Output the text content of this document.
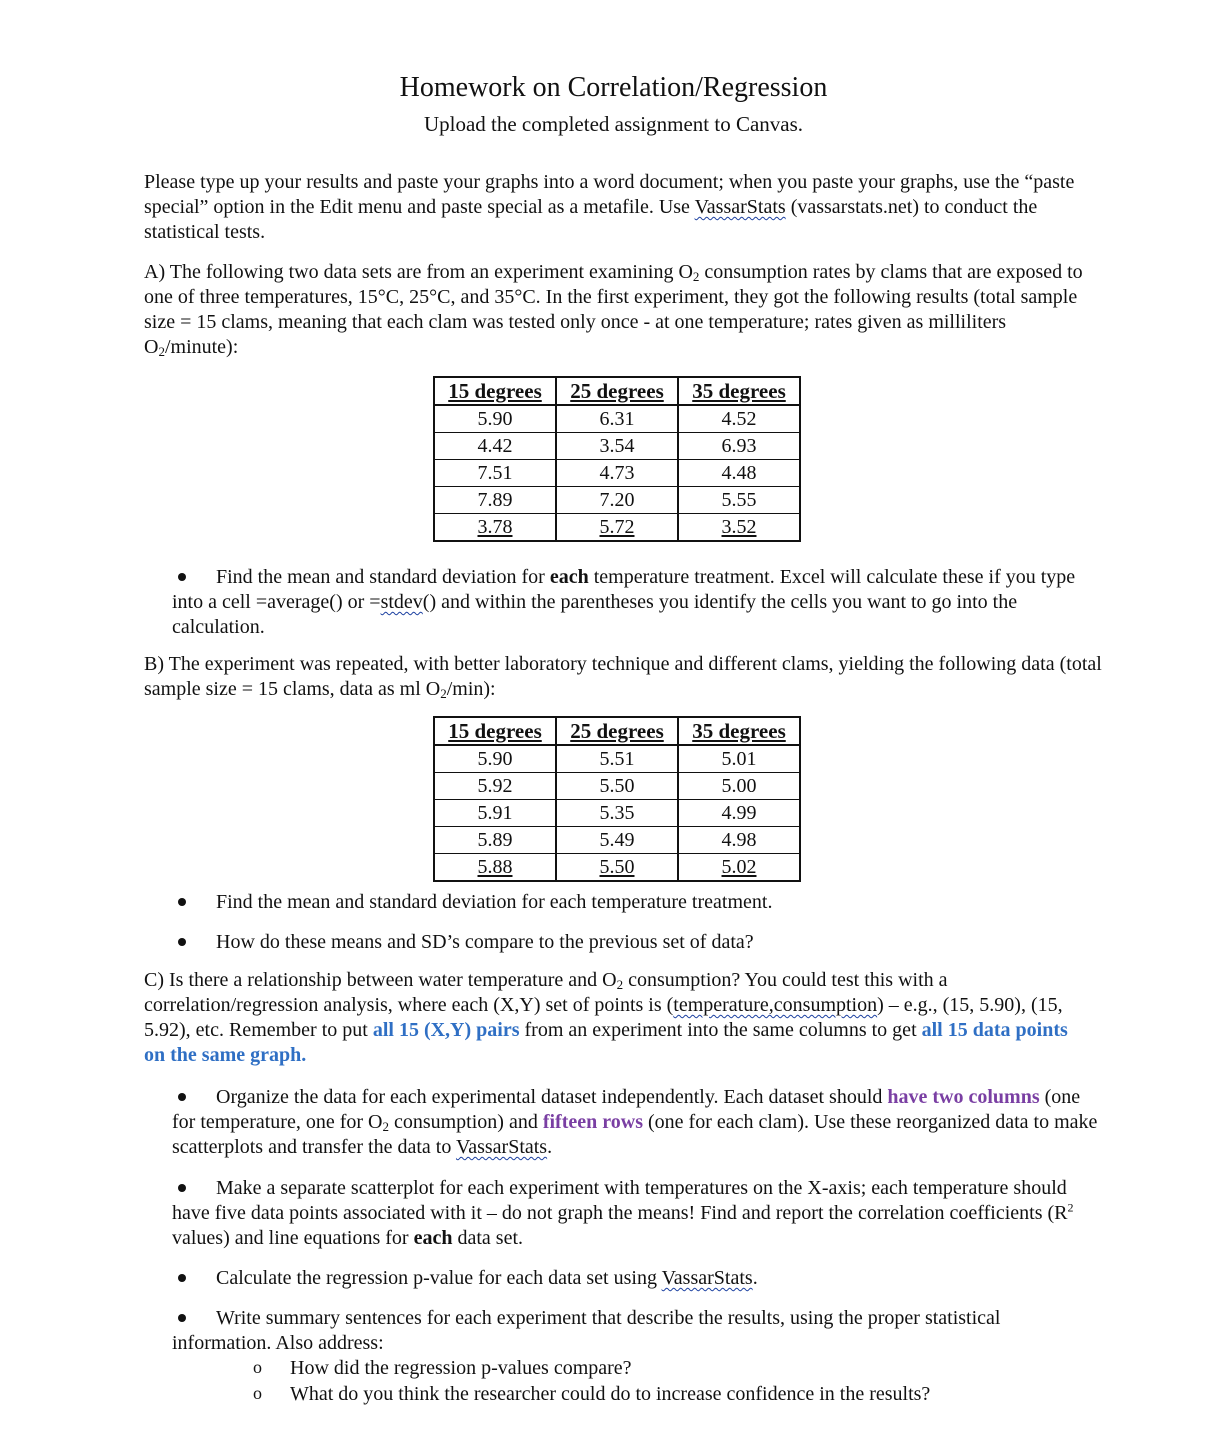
Homework on Correlation/Regression
Upload the completed assignment to Canvas.

Please type up your results and paste your graphs into a word document; when you paste your graphs, use the “paste special” option in the Edit menu and paste special as a metafile. Use VassarStats (vassarstats.net) to conduct the statistical tests.

A) The following two data sets are from an experiment examining $O_2$ consumption rates by clams that are exposed to one of three temperatures, 15°C, 25°C, and 35°C. In the first experiment, they got the following results (total sample size = 15 clams, meaning that each clam was tested only once - at one temperature; rates given as milliliters $O_2/minute$):

15 degrees	25 degrees	35 degrees
5.90	6.31	4.52
4.42	3.54	6.93
7.51	4.73	4.48
7.89	7.20	5.55
3.78	5.72	3.52

Find the mean and standard deviation for each temperature treatment. Excel will calculate these if you type into a cell =average() or =stdev() and within the parentheses you identify the cells you want to go into the calculation.

B) The experiment was repeated, with better laboratory technique and different clams, yielding the following data (total sample size = 15 clams, data as ml $O_2/\min$):

15 degrees	25 degrees	35 degrees
5.90	5.51	5.01
5.92	5.50	5.00
5.91	5.35	4.99
5.89	5.49	4.98
5.88	5.50	5.02

Find the mean and standard deviation for each temperature treatment.

How do these means and SD’s compare to the previous set of data?

C) Is there a relationship between water temperature and $O_2$ consumption? You could test this with a correlation/regression analysis, where each (X,Y) set of points is (temperature,consumption) – e.g., (15, 5.90), (15, 5.92), etc. Remember to put all 15 (X,Y) pairs from an experiment into the same columns to get all 15 data points on the same graph.

Organize the data for each experimental dataset independently. Each dataset should have two columns (one for temperature, one for $O_2$ consumption) and fifteen rows (one for each clam). Use these reorganized data to make scatterplots and transfer the data to VassarStats.

Make a separate scatterplot for each experiment with temperatures on the X-axis; each temperature should have five data points associated with it – do not graph the means! Find and report the correlation coefficients ($R^2$ values) and line equations for each data set.

Calculate the regression p-value for each data set using VassarStats.

Write summary sentences for each experiment that describe the results, using the proper statistical information. Also address:

o How did the regression p-values compare?

o What do you think the researcher could do to increase confidence in the results?
